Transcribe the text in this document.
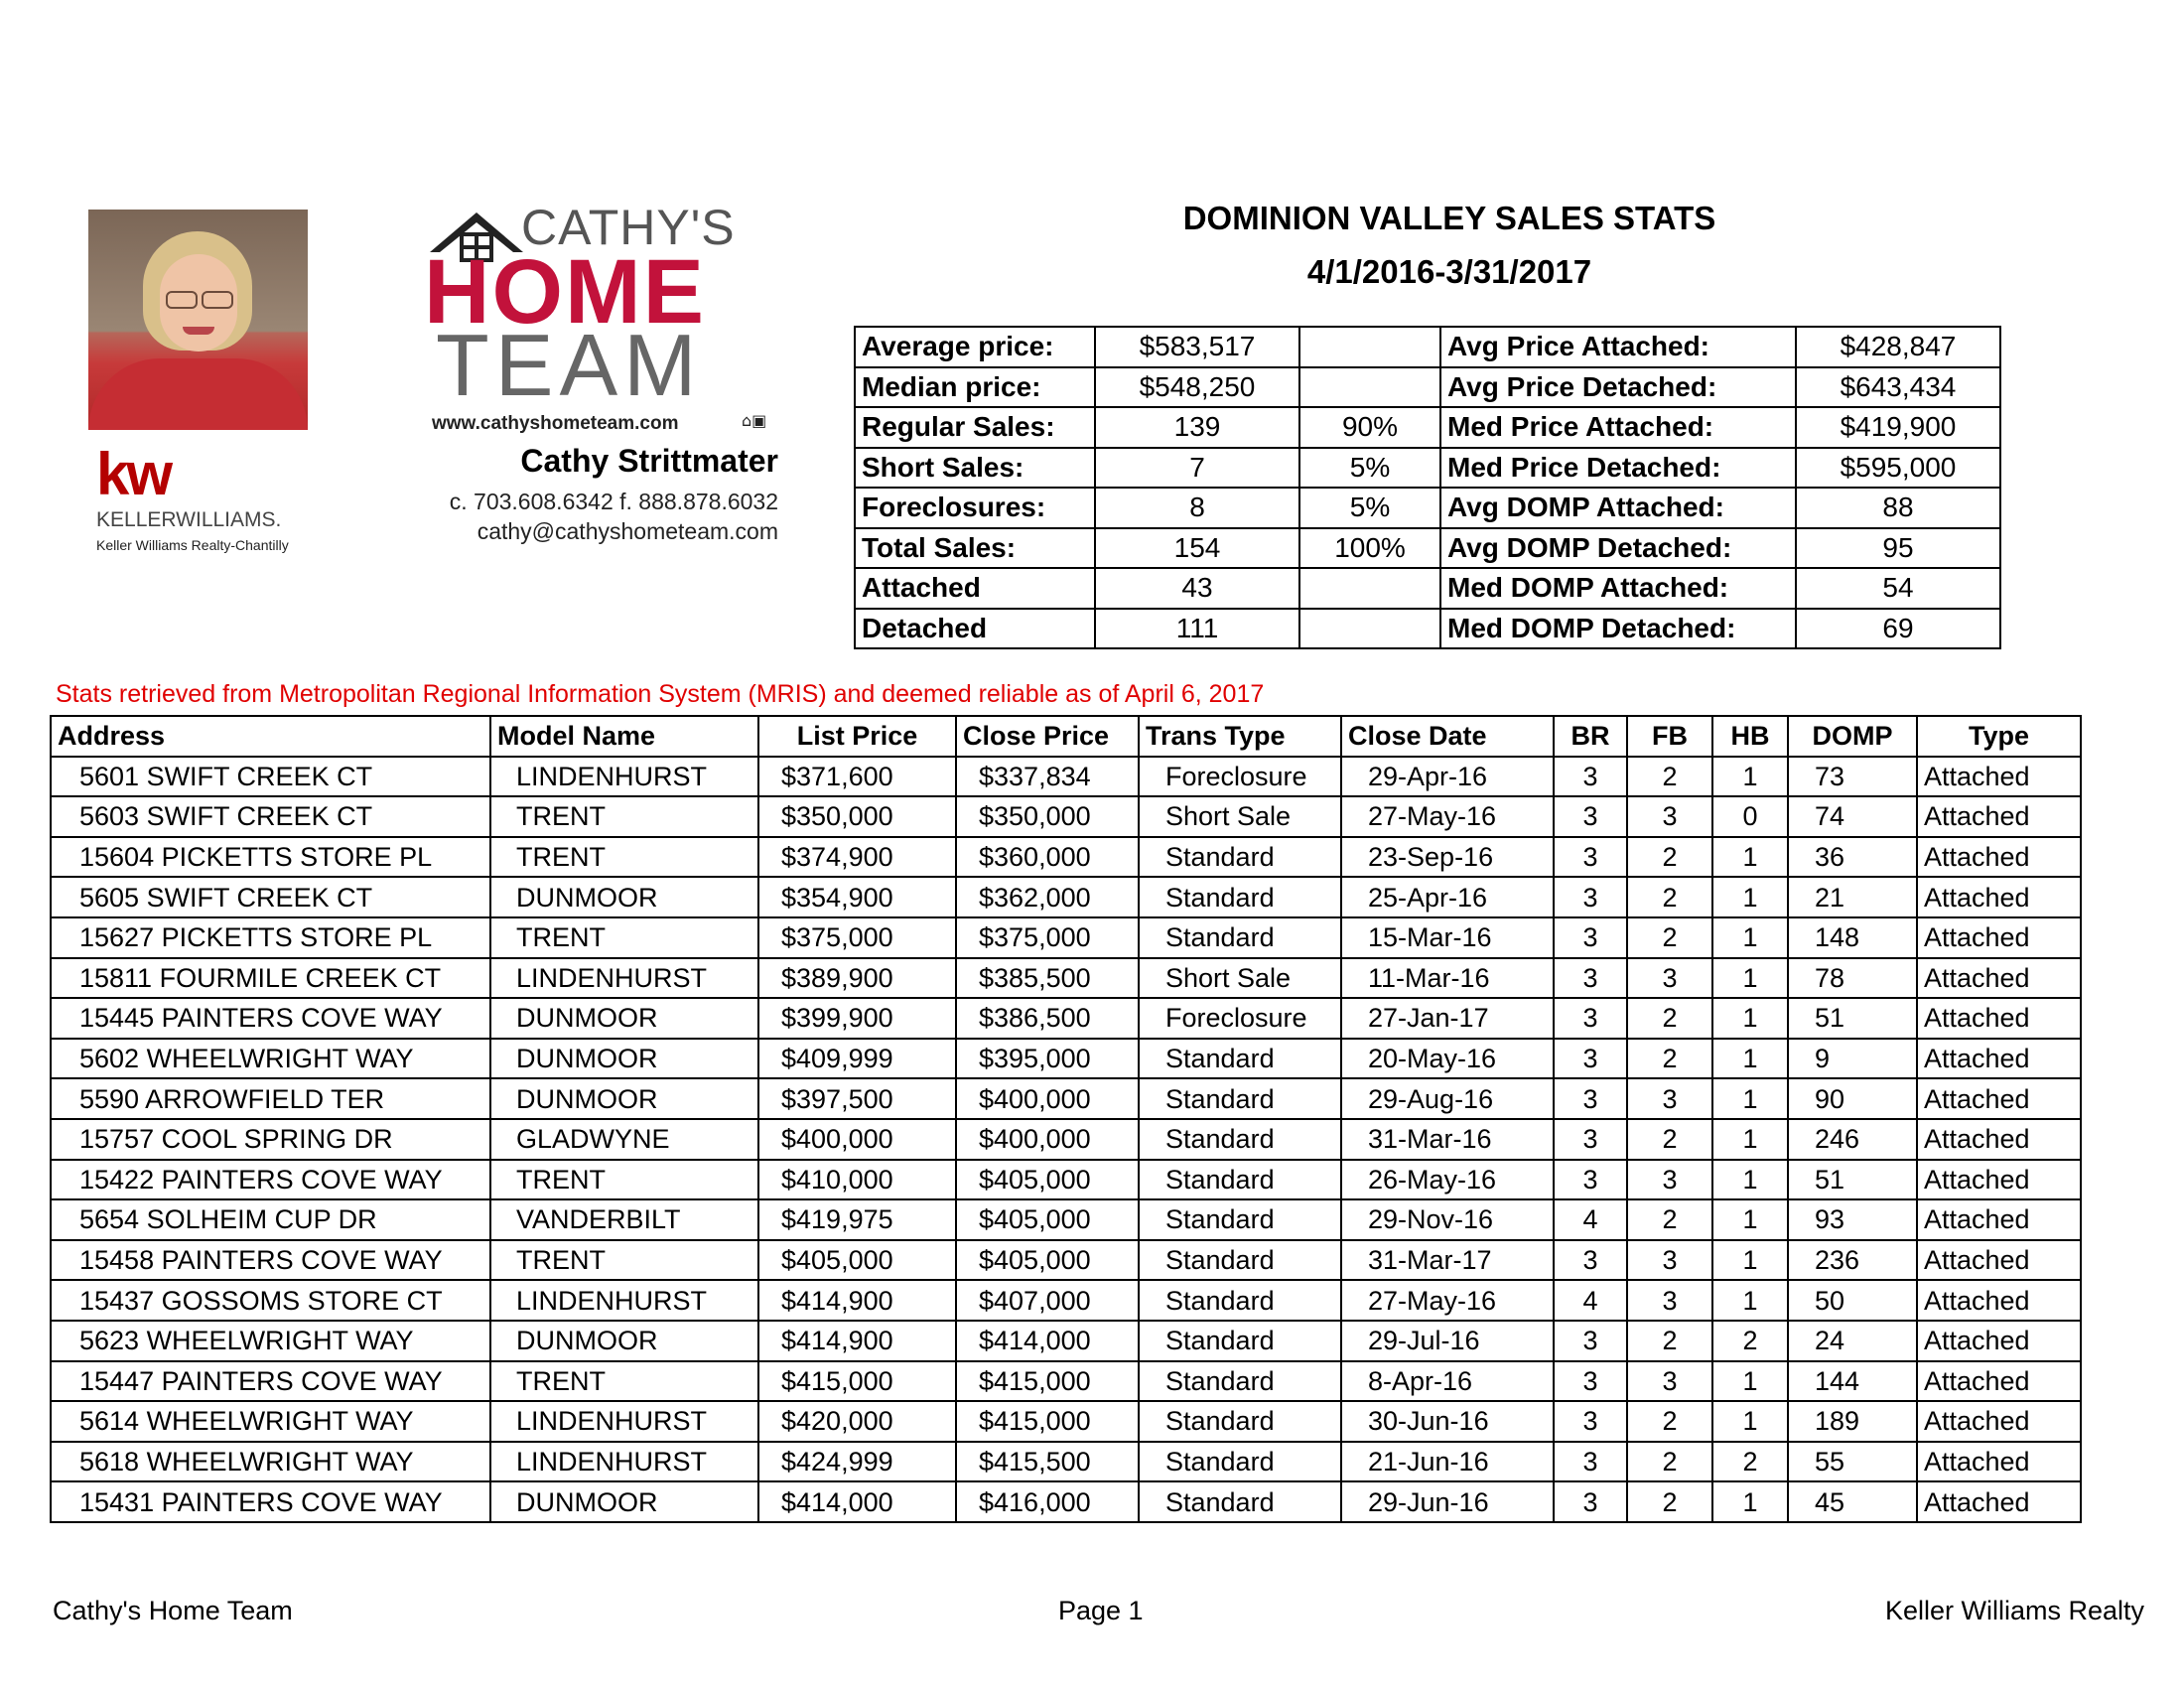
kw
KELLERWILLIAMS.
Keller Williams Realty-Chantilly
CATHY'S
HOME
TEAM
www.cathyshometeam.com	⌂▣
Cathy Strittmater
c. 703.608.6342 f. 888.878.6032
cathy@cathyshometeam.com
DOMINION VALLEY SALES STATS
4/1/2016-3/31/2017
Average price:	$583,517		Avg Price Attached:	$428,847
Median price:	$548,250		Avg Price Detached:	$643,434
Regular Sales:	139	90%	Med Price Attached:	$419,900
Short Sales:	7	5%	Med Price Detached:	$595,000
Foreclosures:	8	5%	Avg DOMP Attached:	88
Total Sales:	154	100%	Avg DOMP Detached:	95
Attached	43		Med DOMP Attached:	54
Detached	111		Med DOMP Detached:	69
Stats retrieved from Metropolitan Regional Information System (MRIS) and deemed reliable as of April 6, 2017
Address	Model Name	List Price	Close Price	Trans Type	Close Date	BR	FB	HB	DOMP	Type
5601 SWIFT CREEK CT	LINDENHURST	$371,600	$337,834	Foreclosure	29-Apr-16	3	2	1	73	Attached
5603 SWIFT CREEK CT	TRENT	$350,000	$350,000	Short Sale	27-May-16	3	3	0	74	Attached
15604 PICKETTS STORE PL	TRENT	$374,900	$360,000	Standard	23-Sep-16	3	2	1	36	Attached
5605 SWIFT CREEK CT	DUNMOOR	$354,900	$362,000	Standard	25-Apr-16	3	2	1	21	Attached
15627 PICKETTS STORE PL	TRENT	$375,000	$375,000	Standard	15-Mar-16	3	2	1	148	Attached
15811 FOURMILE CREEK CT	LINDENHURST	$389,900	$385,500	Short Sale	11-Mar-16	3	3	1	78	Attached
15445 PAINTERS COVE WAY	DUNMOOR	$399,900	$386,500	Foreclosure	27-Jan-17	3	2	1	51	Attached
5602 WHEELWRIGHT WAY	DUNMOOR	$409,999	$395,000	Standard	20-May-16	3	2	1	9	Attached
5590 ARROWFIELD TER	DUNMOOR	$397,500	$400,000	Standard	29-Aug-16	3	3	1	90	Attached
15757 COOL SPRING DR	GLADWYNE	$400,000	$400,000	Standard	31-Mar-16	3	2	1	246	Attached
15422 PAINTERS COVE WAY	TRENT	$410,000	$405,000	Standard	26-May-16	3	3	1	51	Attached
5654 SOLHEIM CUP DR	VANDERBILT	$419,975	$405,000	Standard	29-Nov-16	4	2	1	93	Attached
15458 PAINTERS COVE WAY	TRENT	$405,000	$405,000	Standard	31-Mar-17	3	3	1	236	Attached
15437 GOSSOMS STORE CT	LINDENHURST	$414,900	$407,000	Standard	27-May-16	4	3	1	50	Attached
5623 WHEELWRIGHT WAY	DUNMOOR	$414,900	$414,000	Standard	29-Jul-16	3	2	2	24	Attached
15447 PAINTERS COVE WAY	TRENT	$415,000	$415,000	Standard	8-Apr-16	3	3	1	144	Attached
5614 WHEELWRIGHT WAY	LINDENHURST	$420,000	$415,000	Standard	30-Jun-16	3	2	1	189	Attached
5618 WHEELWRIGHT WAY	LINDENHURST	$424,999	$415,500	Standard	21-Jun-16	3	2	2	55	Attached
15431 PAINTERS COVE WAY	DUNMOOR	$414,000	$416,000	Standard	29-Jun-16	3	2	1	45	Attached
Cathy's Home Team	Page 1	Keller Williams Realty
